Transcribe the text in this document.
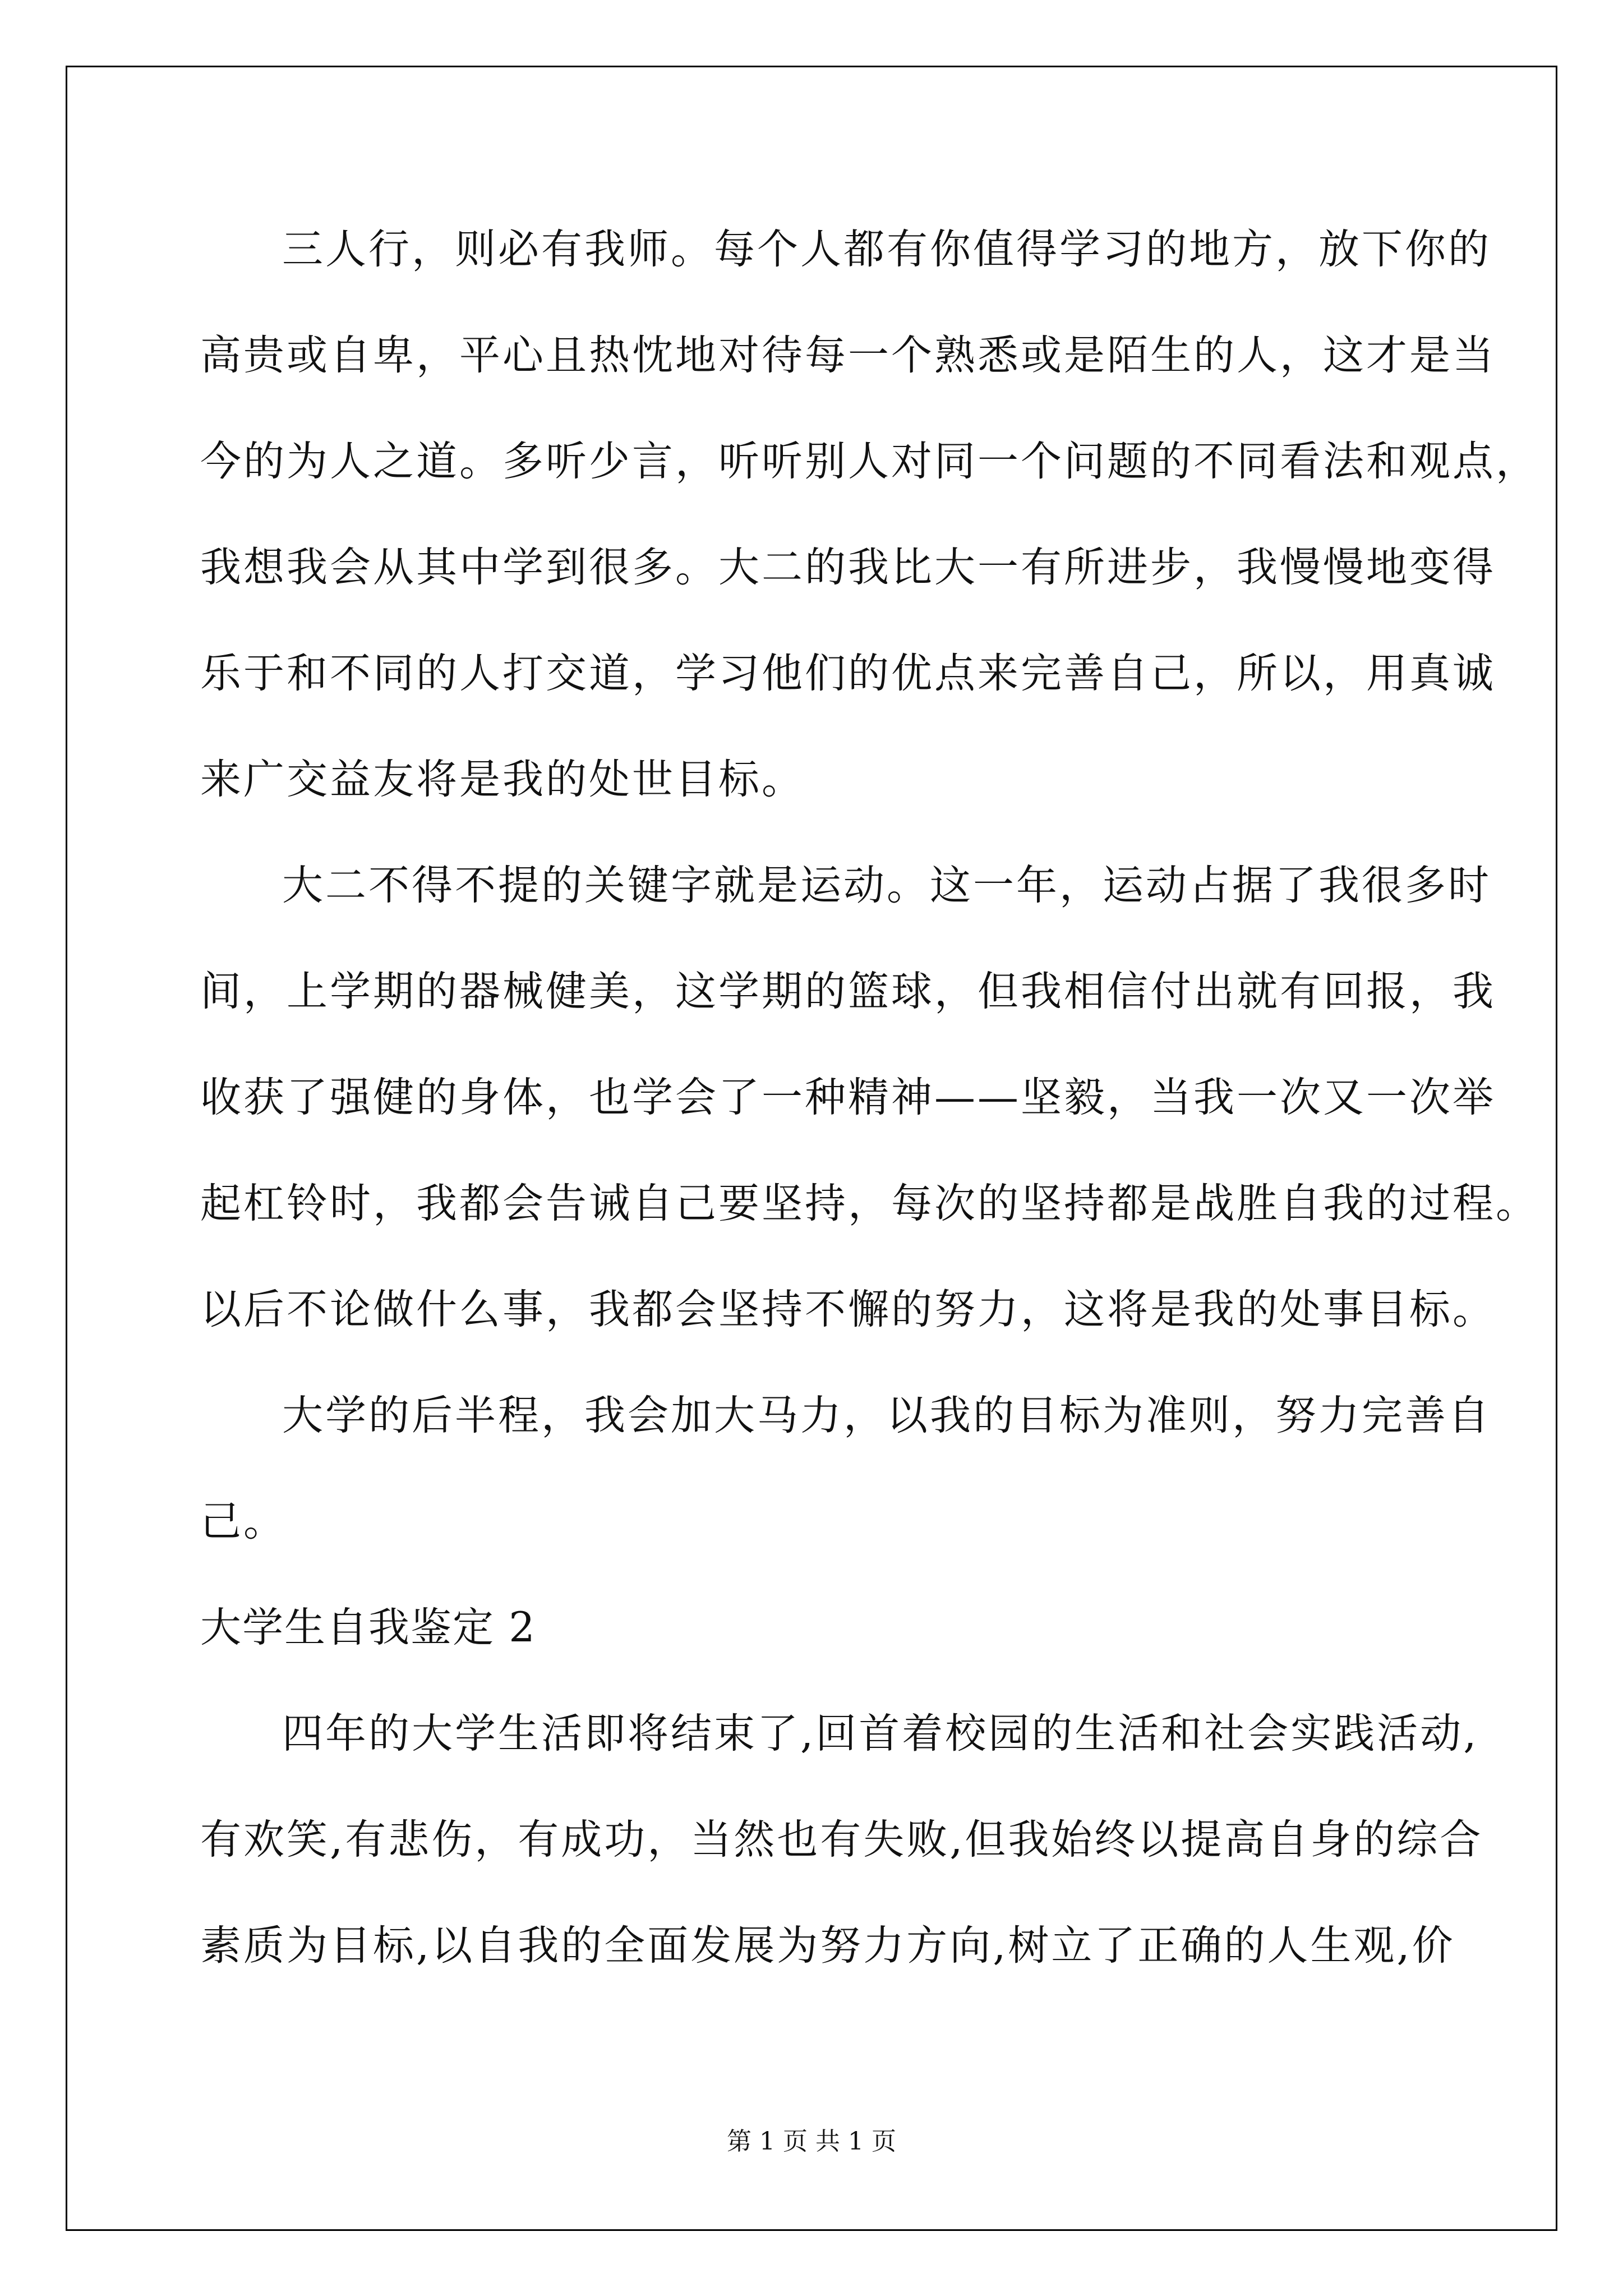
三人行，则必有我师。每个人都有你值得学习的地方，放下你的
高贵或自卑，平心且热忱地对待每一个熟悉或是陌生的人，这才是当
今的为人之道。多听少言，听听别人对同一个问题的不同看法和观点，
我想我会从其中学到很多。大二的我比大一有所进步，我慢慢地变得
乐于和不同的人打交道，学习他们的优点来完善自己，所以，用真诚
来广交益友将是我的处世目标。
大二不得不提的关键字就是运动。这一年，运动占据了我很多时
间，上学期的器械健美，这学期的篮球，但我相信付出就有回报，我
收获了强健的身体，也学会了一种精神——坚毅，当我一次又一次举
起杠铃时，我都会告诫自己要坚持，每次的坚持都是战胜自我的过程。
以后不论做什么事，我都会坚持不懈的努力，这将是我的处事目标。
大学的后半程，我会加大马力，以我的目标为准则，努力完善自
己。
大学生自我鉴定 2
四年的大学生活即将结束了,回首着校园的生活和社会实践活动,
有欢笑,有悲伤，有成功，当然也有失败,但我始终以提高自身的综合
素质为目标,以自我的全面发展为努力方向,树立了正确的人生观,价
第 1 页 共 1 页
